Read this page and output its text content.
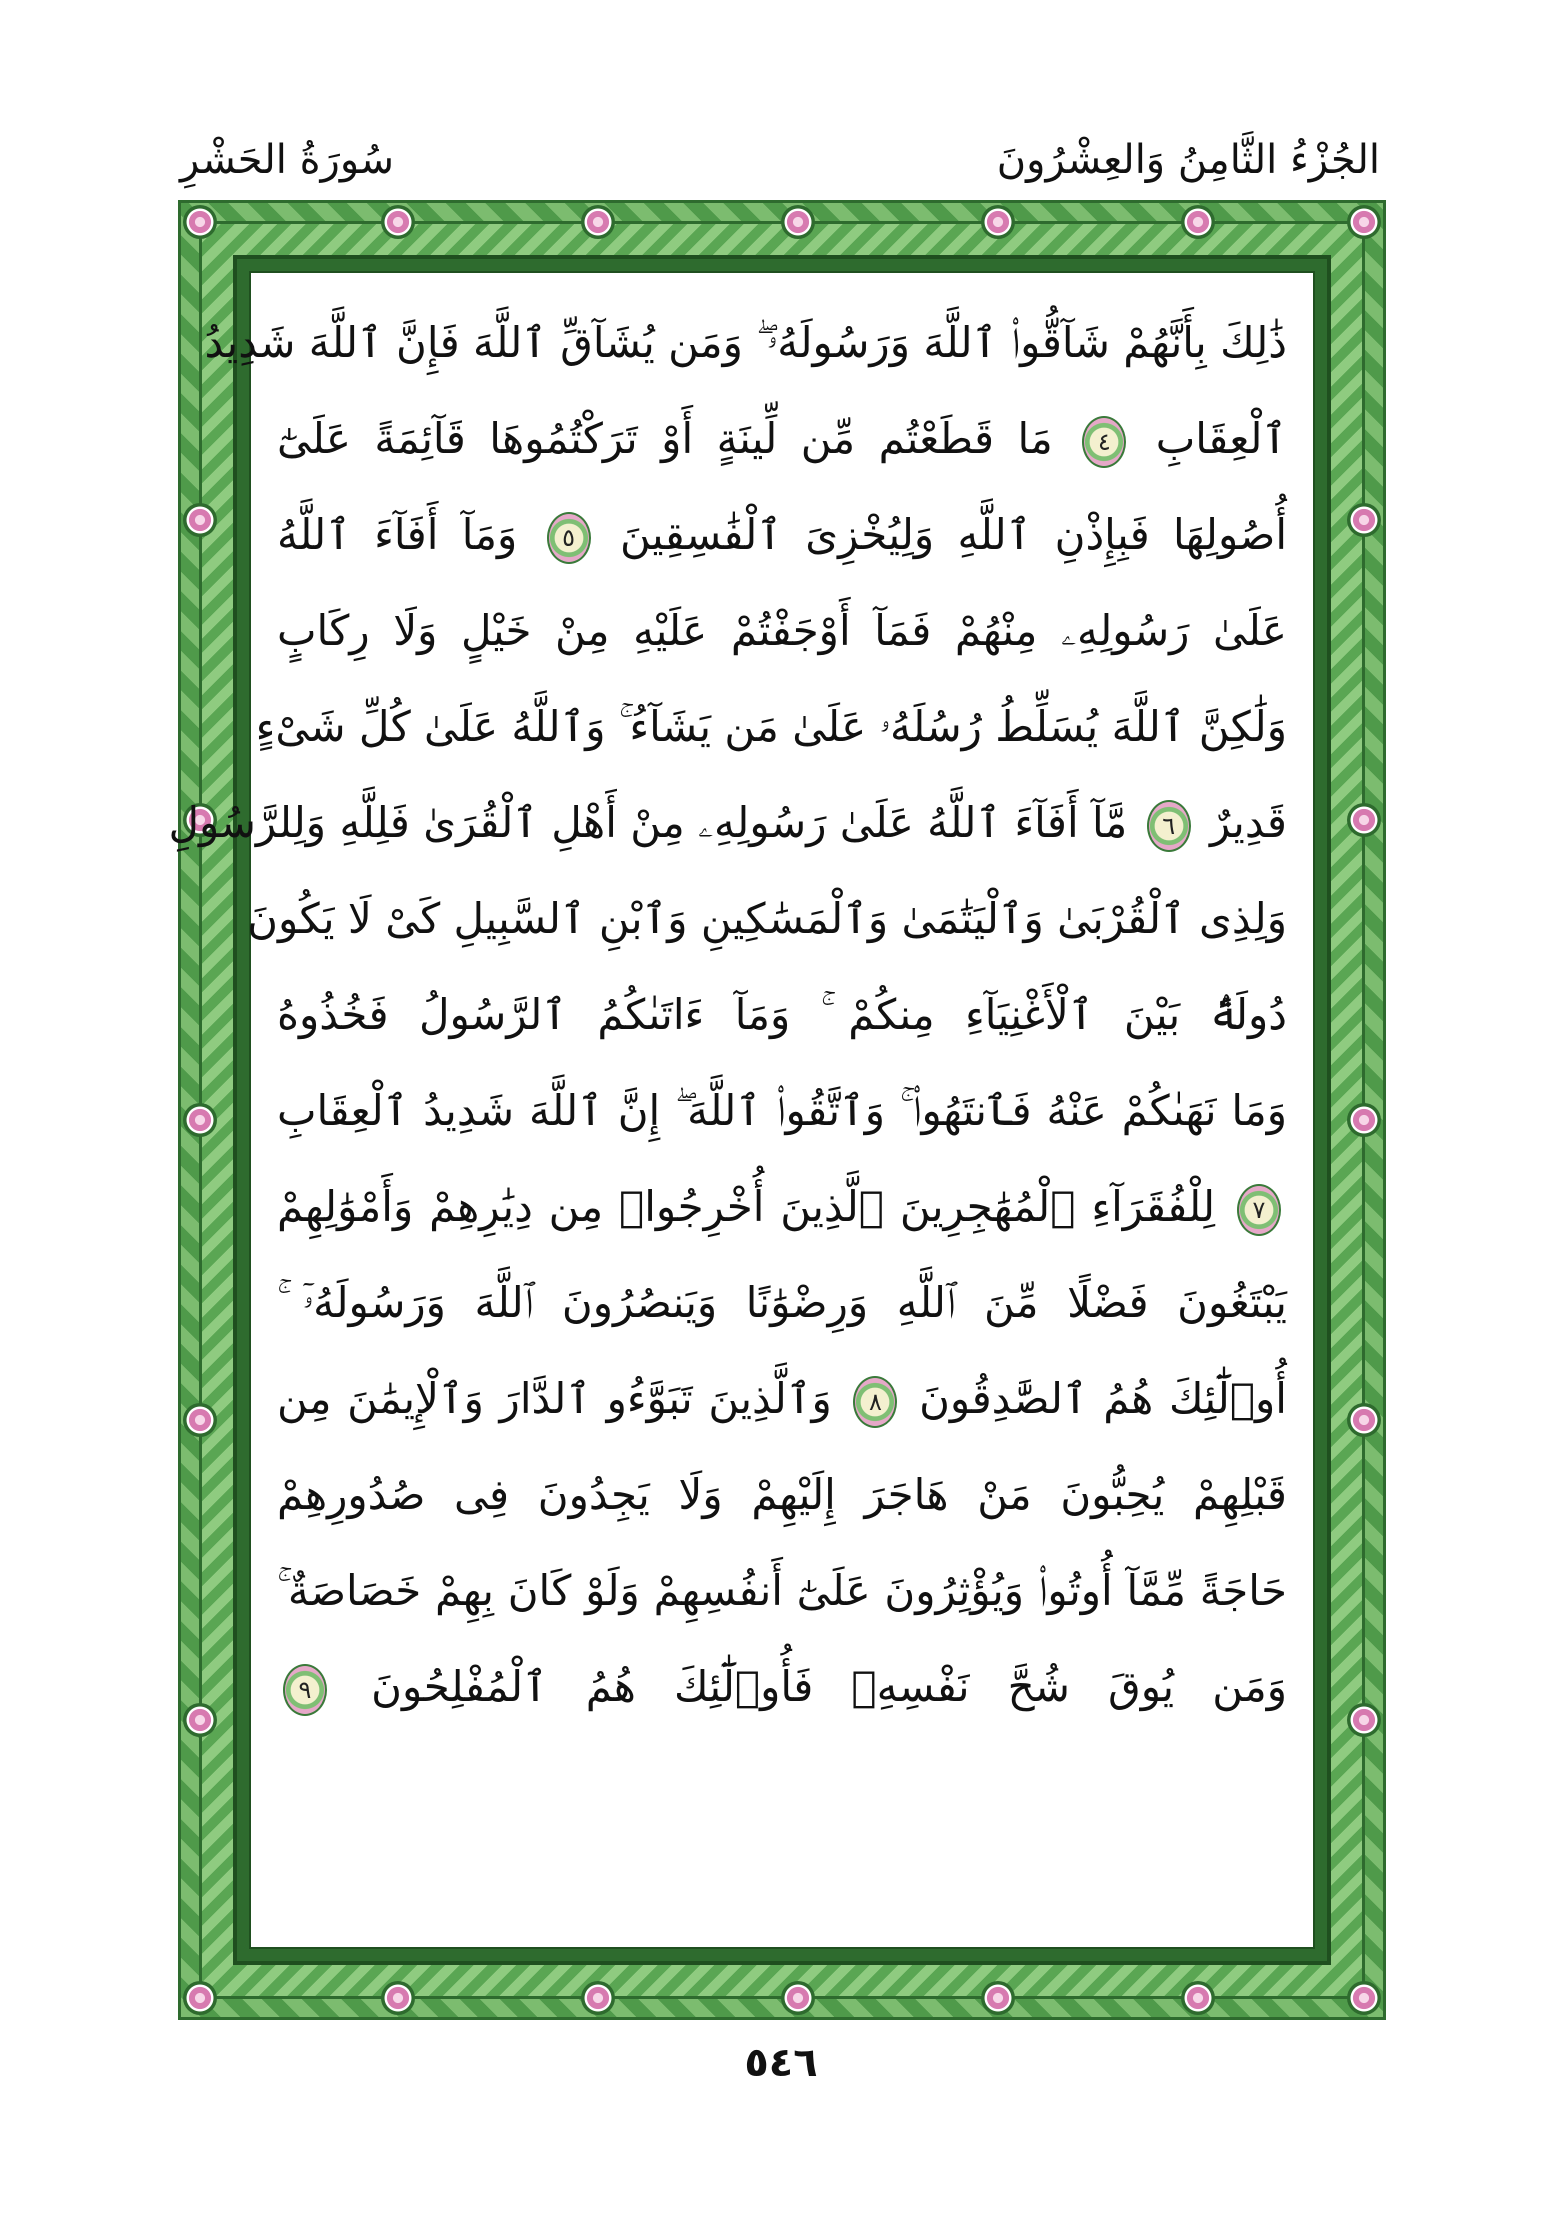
الجُزْءُ الثَّامِنُ وَالعِشْرُونَ
سُورَةُ الحَشْرِ
ذَٰلِكَ بِأَنَّهُمْ شَآقُّوا۟ ٱللَّهَ وَرَسُولَهُۥ ۖ وَمَن يُشَآقِّ ٱللَّهَ فَإِنَّ ٱللَّهَ شَدِيدُ
ٱلْعِقَابِ ٤ مَا قَطَعْتُم مِّن لِّينَةٍ أَوْ تَرَكْتُمُوهَا قَآئِمَةً عَلَىٰٓ
أُصُولِهَا فَبِإِذْنِ ٱللَّهِ وَلِيُخْزِىَ ٱلْفَٰسِقِينَ ٥ وَمَآ أَفَآءَ ٱللَّهُ
عَلَىٰ رَسُولِهِۦ مِنْهُمْ فَمَآ أَوْجَفْتُمْ عَلَيْهِ مِنْ خَيْلٍ وَلَا رِكَابٍ
وَلَٰكِنَّ ٱللَّهَ يُسَلِّطُ رُسُلَهُۥ عَلَىٰ مَن يَشَآءُ ۚ وَٱللَّهُ عَلَىٰ كُلِّ شَىْءٍ
قَدِيرٌ ٦ مَّآ أَفَآءَ ٱللَّهُ عَلَىٰ رَسُولِهِۦ مِنْ أَهْلِ ٱلْقُرَىٰ فَلِلَّهِ وَلِلرَّسُولِ
وَلِذِى ٱلْقُرْبَىٰ وَٱلْيَتَٰمَىٰ وَٱلْمَسَٰكِينِ وَٱبْنِ ٱلسَّبِيلِ كَىْ لَا يَكُونَ
دُولَةًۢ بَيْنَ ٱلْأَغْنِيَآءِ مِنكُمْ ۚ وَمَآ ءَاتَىٰكُمُ ٱلرَّسُولُ فَخُذُوهُ
وَمَا نَهَىٰكُمْ عَنْهُ فَٱنتَهُوا۟ ۚ وَٱتَّقُوا۟ ٱللَّهَ ۖ إِنَّ ٱللَّهَ شَدِيدُ ٱلْعِقَابِ
٧ لِلْفُقَرَآءِ ٱلْمُهَٰجِرِينَ ٱلَّذِينَ أُخْرِجُوا۟ مِن دِيَٰرِهِمْ وَأَمْوَٰلِهِمْ
يَبْتَغُونَ فَضْلًا مِّنَ ٱللَّهِ وَرِضْوَٰنًا وَيَنصُرُونَ ٱللَّهَ وَرَسُولَهُۥٓ ۚ
أُو۟لَٰٓئِكَ هُمُ ٱلصَّٰدِقُونَ ٨ وَٱلَّذِينَ تَبَوَّءُو ٱلدَّارَ وَٱلْإِيمَٰنَ مِن
قَبْلِهِمْ يُحِبُّونَ مَنْ هَاجَرَ إِلَيْهِمْ وَلَا يَجِدُونَ فِى صُدُورِهِمْ
حَاجَةً مِّمَّآ أُوتُوا۟ وَيُؤْثِرُونَ عَلَىٰٓ أَنفُسِهِمْ وَلَوْ كَانَ بِهِمْ خَصَاصَةٌ ۚ
وَمَن يُوقَ شُحَّ نَفْسِهِۦ فَأُو۟لَٰٓئِكَ هُمُ ٱلْمُفْلِحُونَ ٩
٥٤٦
